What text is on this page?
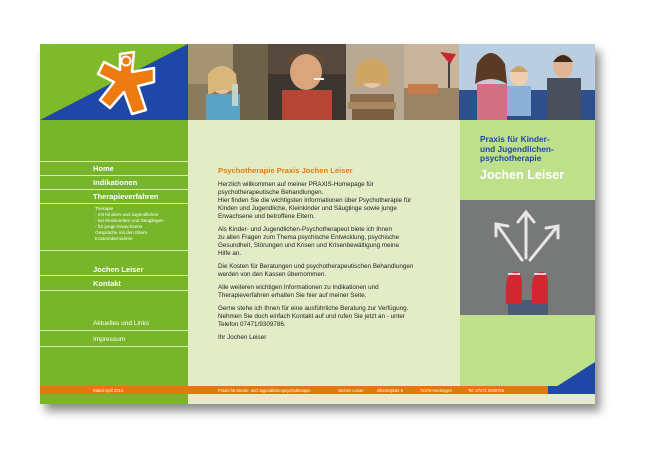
Home
Indikationen
Therapieverfahren
Therapie
- mit Kindern und Jugendlichen
- bei Kleinkindern und Säuglingen
- für junge Erwachsene
Gespräche mit den Eltern
Kostenübernahme
Jochen Leiser
Kontakt
Aktuelles und Links
Impressum
Psychotherapie Praxis Jochen Leiser

Herzlich willkommen auf meiner PRAXIS-Homepage für
psychotherapeutische Behandlungen.
Hier finden Sie die wichtigsten Informationen über Psychotherapie für
Kinden und Jugendliche, Kleinkinder und Säuglinge sowie junge
Erwachsene und betroffene Eltern.

Als Kinder- und Jugendlichen-Psychotherapeut biete ich Ihnen
zu allen Fragen zum Thema psychische Entwicklung, psychische
Gesundheit, Störungen und Krisen und Krisenbewältigung meine
Hilfe an.

Die Kosten für Beratungen und psychotherapeutischen Behandlungen
werden von den Kassen übernommen.

Alle weiteren wichtigen Informationen zu Indikationen und
Therapieverfahren erhalten Sie hier auf meiner Seite.

Gerne stehe ich Ihnen für eine ausführliche Beratung zur Verfügung.
Nehmen Sie doch einfach Kontakt auf und rufen Sie jetzt an - unter
Telefon 07471/9309786.

Ihr Jochen Leiser

Praxis für Kinder-
und Jugendlichen-
psychotherapie
Jochen Leiser
Stand April 2014	Praxis für Kinder- und Jugendlichenpsychotherapie	Jochen Leiser	Obertorplatz 5	72379 Hechingen	Tel. 07471 9309786
